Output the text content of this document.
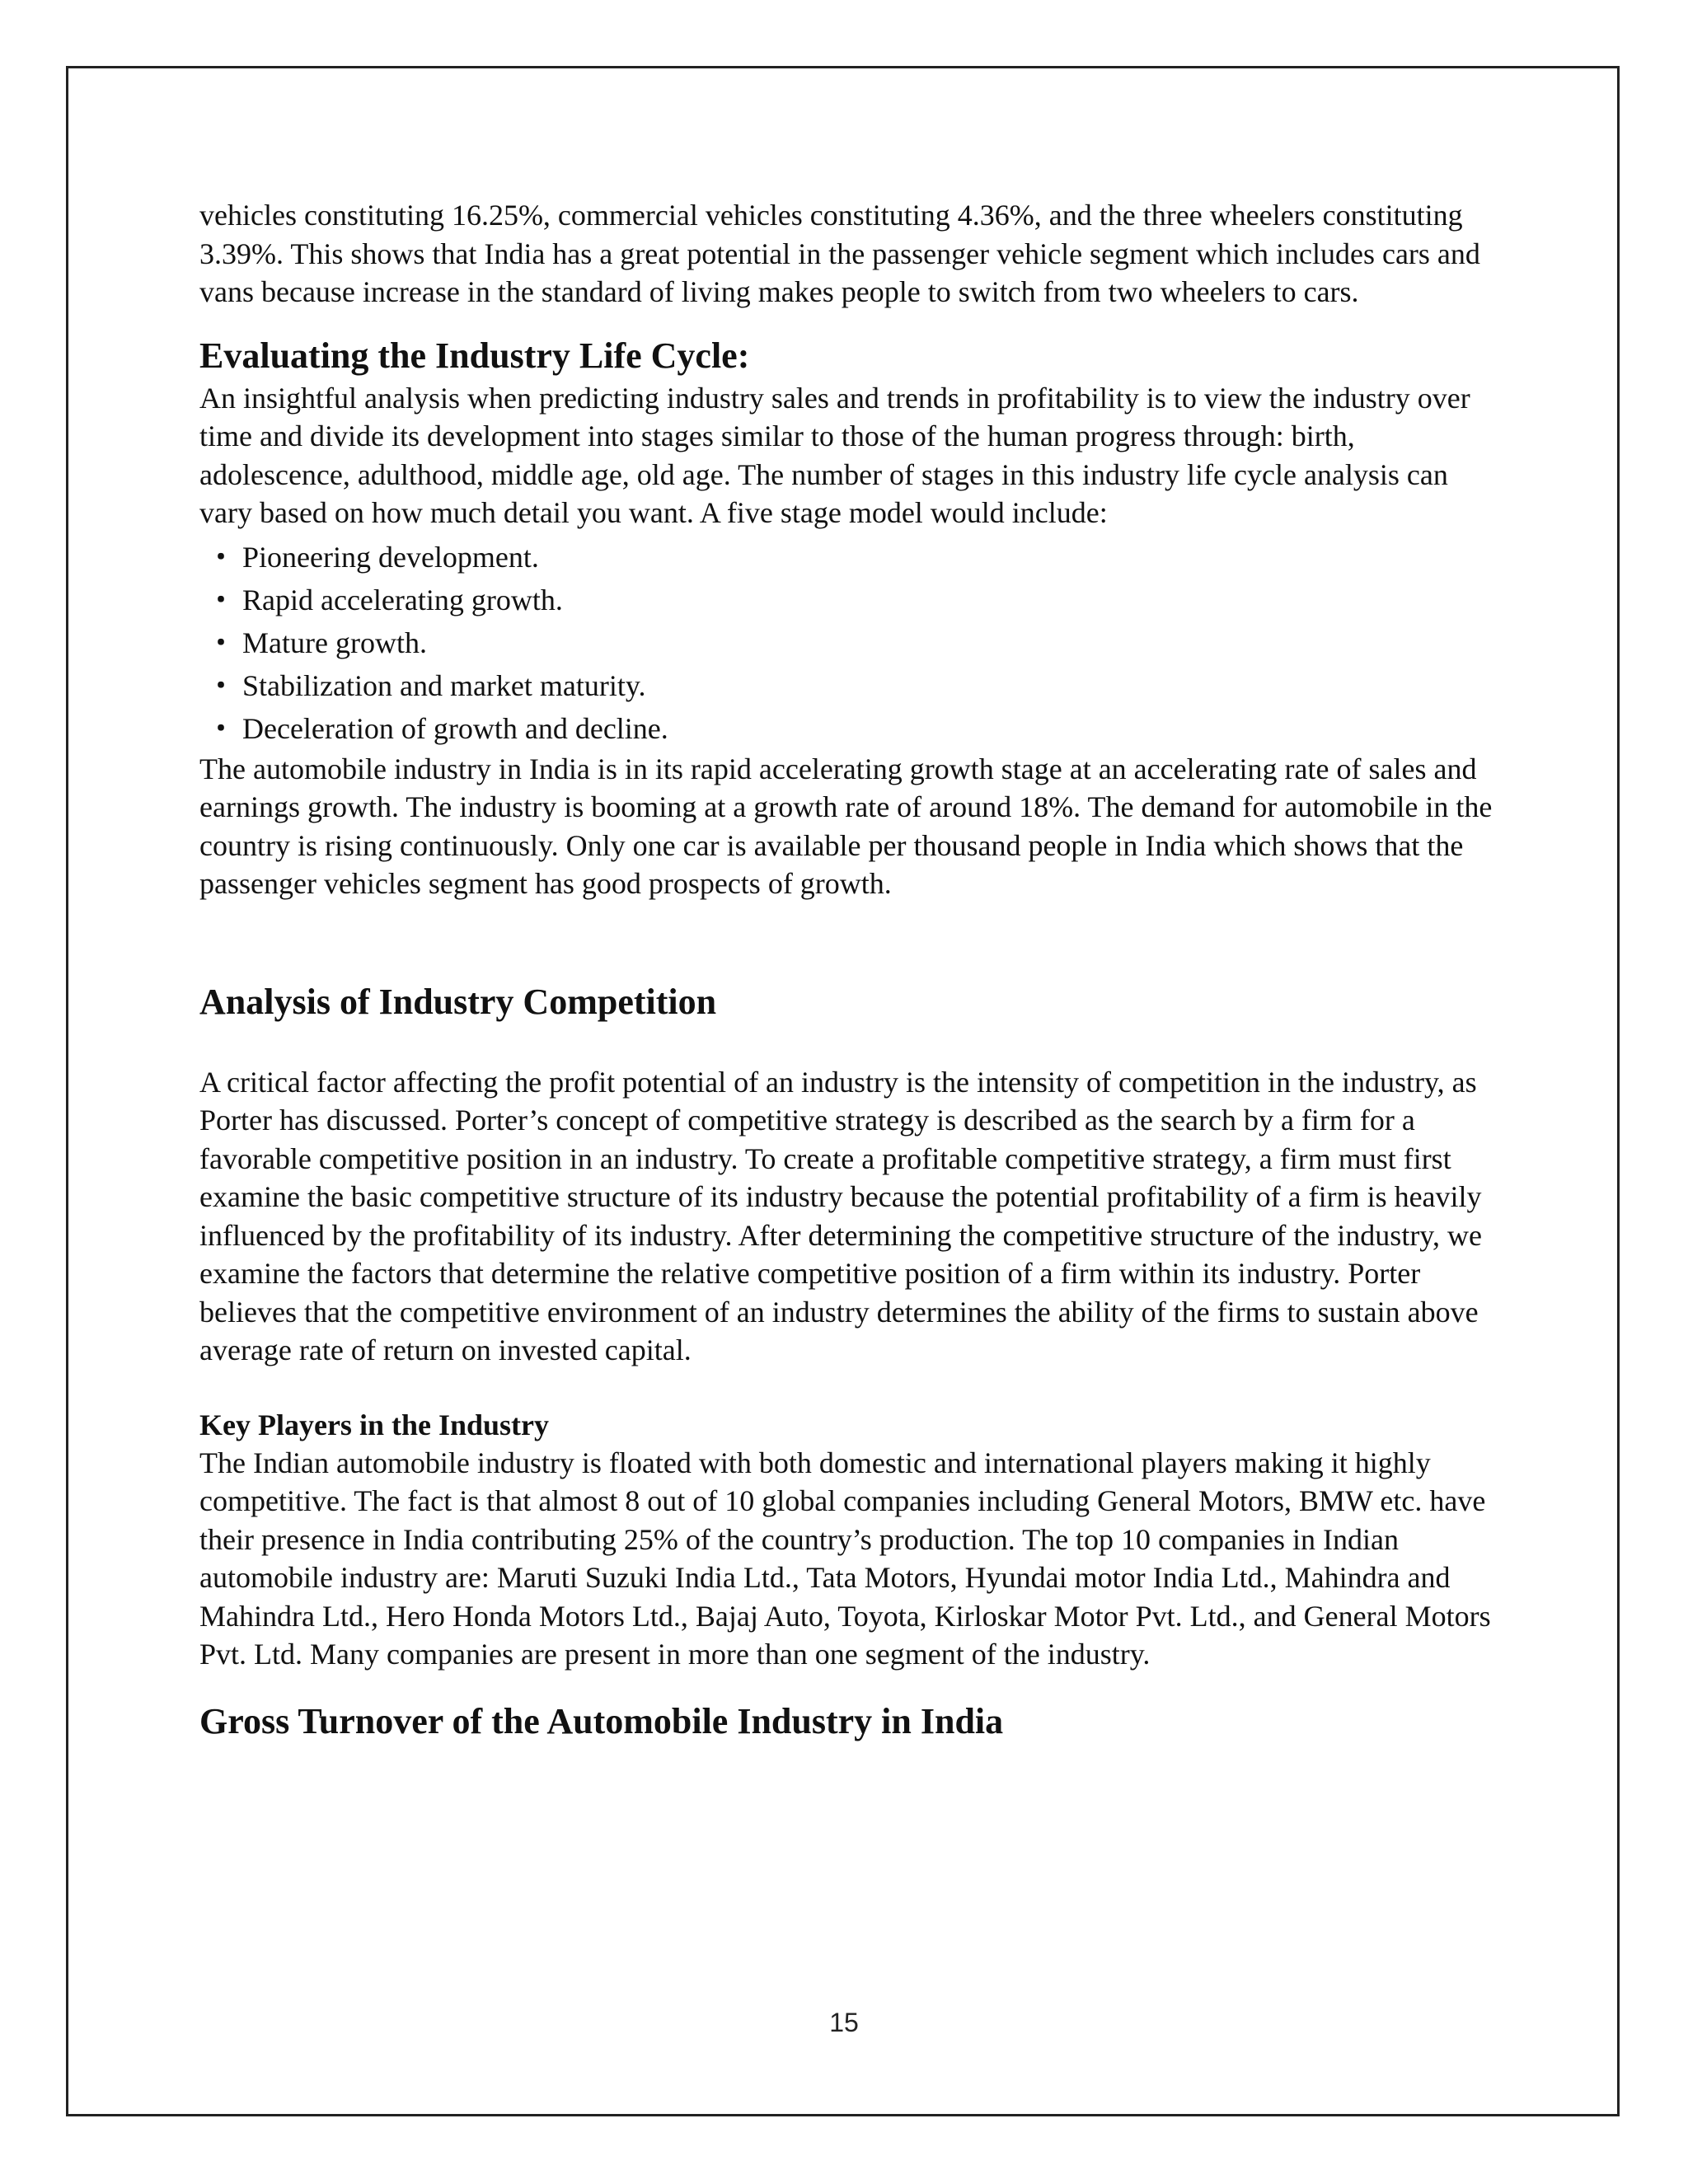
vehicles constituting 16.25%, commercial vehicles constituting 4.36%, and the three wheelers constituting 3.39%. This shows that India has a great potential in the passenger vehicle segment which includes cars and vans because increase in the standard of living makes people to switch from two wheelers to cars.

Evaluating the Industry Life Cycle:

An insightful analysis when predicting industry sales and trends in profitability is to view the industry over time and divide its development into stages similar to those of the human progress through: birth, adolescence, adulthood, middle age, old age. The number of stages in this industry life cycle analysis can vary based on how much detail you want. A five stage model would include:

・ Pioneering development.
・ Rapid accelerating growth.
・ Mature growth.
・ Stabilization and market maturity.
・ Deceleration of growth and decline.

The automobile industry in India is in its rapid accelerating growth stage at an accelerating rate of sales and earnings growth. The industry is booming at a growth rate of around 18%. The demand for automobile in the country is rising continuously. Only one car is available per thousand people in India which shows that the passenger vehicles segment has good prospects of growth.

Analysis of Industry Competition

A critical factor affecting the profit potential of an industry is the intensity of competition in the industry, as Porter has discussed. Porter’s concept of competitive strategy is described as the search by a firm for a favorable competitive position in an industry. To create a profitable competitive strategy, a firm must first examine the basic competitive structure of its industry because the potential profitability of a firm is heavily influenced by the profitability of its industry. After determining the competitive structure of the industry, we examine the factors that determine the relative competitive position of a firm within its industry. Porter believes that the competitive environment of an industry determines the ability of the firms to sustain above average rate of return on invested capital.

Key Players in the Industry

The Indian automobile industry is floated with both domestic and international players making it highly competitive. The fact is that almost 8 out of 10 global companies including General Motors, BMW etc. have their presence in India contributing 25% of the country’s production. The top 10 companies in Indian automobile industry are: Maruti Suzuki India Ltd., Tata Motors, Hyundai motor India Ltd., Mahindra and Mahindra Ltd., Hero Honda Motors Ltd., Bajaj Auto, Toyota, Kirloskar Motor Pvt. Ltd., and General Motors Pvt. Ltd. Many companies are present in more than one segment of the industry.

Gross Turnover of the Automobile Industry in India
15
